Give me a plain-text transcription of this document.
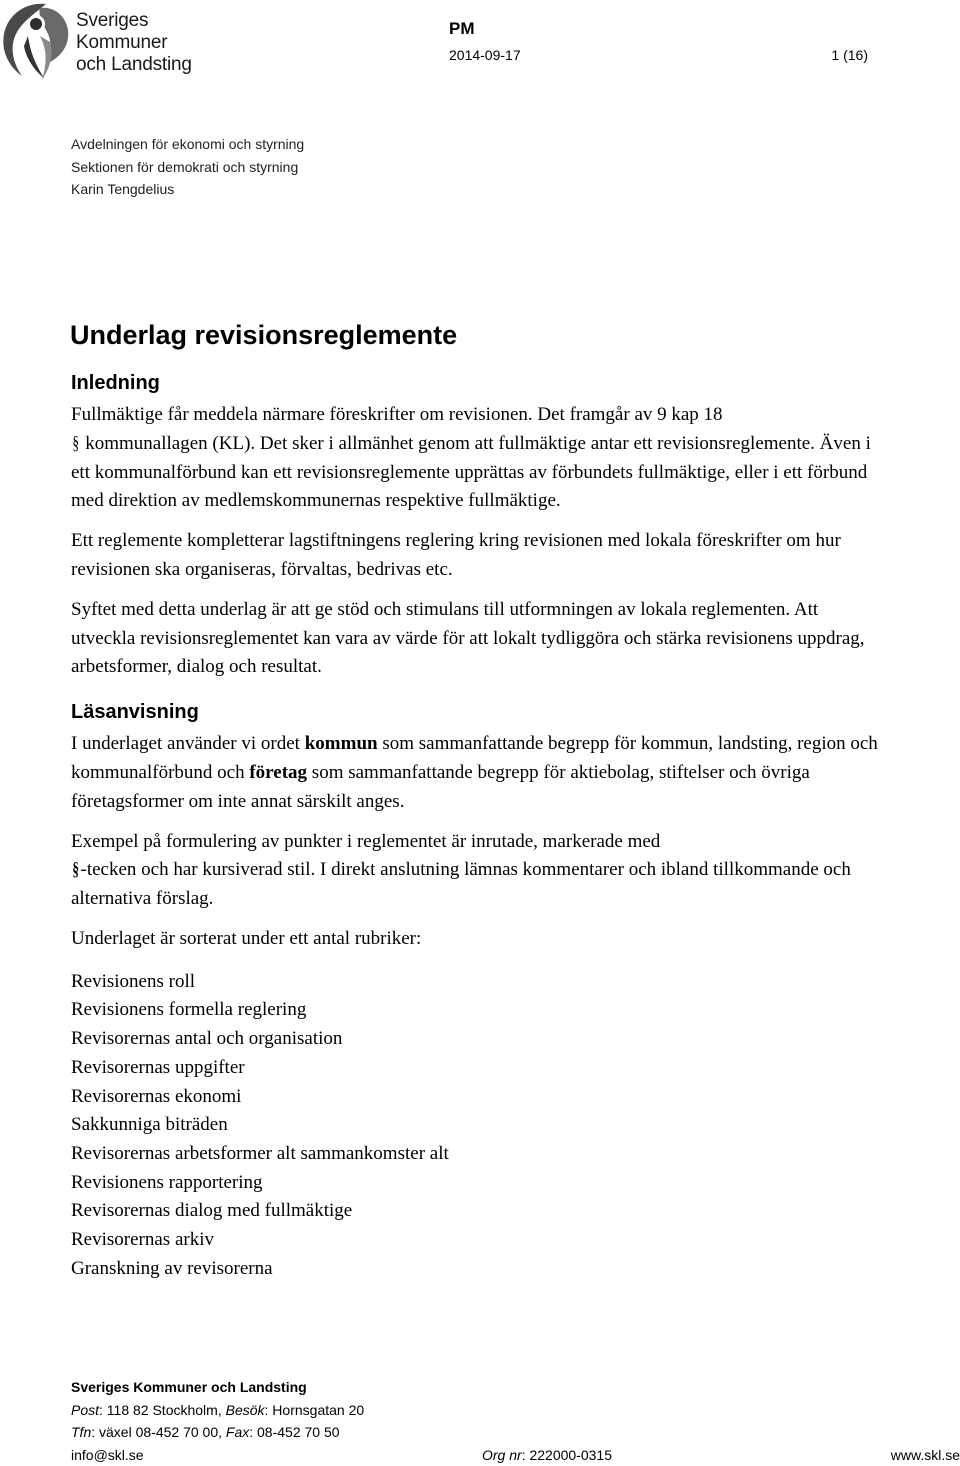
Sveriges
Kommuner
och Landsting
PM
2014-09-17	1 (16)
Avdelningen för ekonomi och styrning
Sektionen för demokrati och styrning
Karin Tengdelius
Underlag revisionsreglemente
Inledning

Fullmäktige får meddela närmare föreskrifter om revisionen. Det framgår av 9 kap 18
§ kommunallagen (KL). Det sker i allmänhet genom att fullmäktige antar ett revisionsreglemente. Även i ett kommunalförbund kan ett revisionsreglemente upprättas av förbundets fullmäktige, eller i ett förbund med direktion av medlemskommunernas respektive fullmäktige.

Ett reglemente kompletterar lagstiftningens reglering kring revisionen med lokala föreskrifter om hur revisionen ska organiseras, förvaltas, bedrivas etc.

Syftet med detta underlag är att ge stöd och stimulans till utformningen av lokala reglementen. Att utveckla revisionsreglementet kan vara av värde för att lokalt tydliggöra och stärka revisionens uppdrag, arbetsformer, dialog och resultat.

Läsanvisning

I underlaget använder vi ordet kommun som sammanfattande begrepp för kommun, landsting, region och kommunalförbund och företag som sammanfattande begrepp för aktiebolag, stiftelser och övriga företagsformer om inte annat särskilt anges.

Exempel på formulering av punkter i reglementet är inrutade, markerade med
§-tecken och har kursiverad stil. I direkt anslutning lämnas kommentarer och ibland tillkommande och alternativa förslag.

Underlaget är sorterat under ett antal rubriker:

Revisionens roll
Revisionens formella reglering
Revisorernas antal och organisation
Revisorernas uppgifter
Revisorernas ekonomi
Sakkunniga biträden
Revisorernas arbetsformer alt sammankomster alt
Revisionens rapportering
Revisorernas dialog med fullmäktige
Revisorernas arkiv
Granskning av revisorerna
Sveriges Kommuner och Landsting
Post: 118 82 Stockholm, Besök: Hornsgatan 20
Tfn: växel 08-452 70 00, Fax: 08-452 70 50
info@skl.se	Org nr: 222000-0315	www.skl.se
